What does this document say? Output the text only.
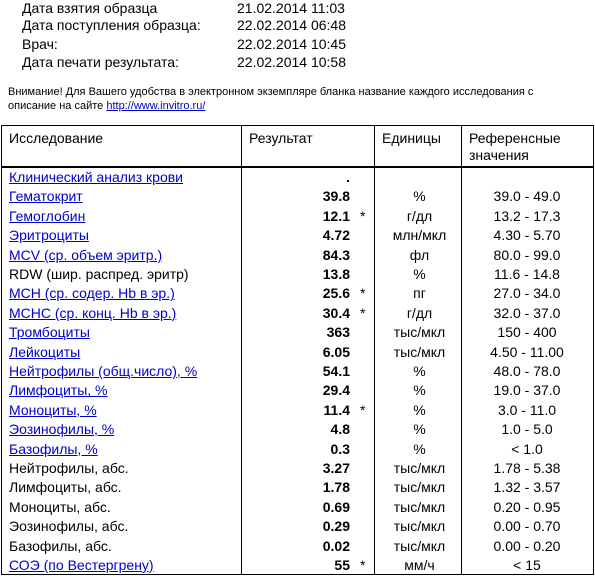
Дата взятия образца	21.02.2014 11:03
Дата поступления образца:	22.02.2014 06:48
Врач:	22.02.2014 10:45
Дата печати результата:	22.02.2014 10:58
Внимание! Для Вашего удобства в электронном экземпляре бланка название каждого исследования с
описание на сайте http://www.invitro.ru/
Исследование	Результат	Единицы Референсные
значения
Клинический анализ крови	.
Гематокрит	39.8	%	39.0 - 49.0
Гемоглобин	12.1 *	г/дл	13.2 - 17.3
Эритроциты	4.72	млн/мкл	4.30 - 5.70
MCV (ср. объем эритр.)	84.3	фл	80.0 - 99.0
RDW (шир. распред. эритр)	13.8	%	11.6 - 14.8
MCH (ср. содер. Hb в эр.)	25.6 *	пг	27.0 - 34.0
MCHC (ср. конц. Hb в эр.)	30.4 *	г/дл	32.0 - 37.0
Тромбоциты	363	тыс/мкл	150 - 400
Лейкоциты	6.05	тыс/мкл	4.50 - 11.00
Нейтрофилы (общ.число), %	54.1	%	48.0 - 78.0
Лимфоциты, %	29.4	%	19.0 - 37.0
Моноциты, %	11.4 *	%	3.0 - 11.0
Эозинофилы, %	4.8	%	1.0 - 5.0
Базофилы, %	0.3	%	< 1.0
Нейтрофилы, абс.	3.27	тыс/мкл	1.78 - 5.38
Лимфоциты, абс.	1.78	тыс/мкл	1.32 - 3.57
Моноциты, абс.	0.69	тыс/мкл	0.20 - 0.95
Эозинофилы, абс.	0.29	тыс/мкл	0.00 - 0.70
Базофилы, абс.	0.02	тыс/мкл	0.00 - 0.20
СОЭ (по Вестергрену)	55 *	мм/ч	< 15
